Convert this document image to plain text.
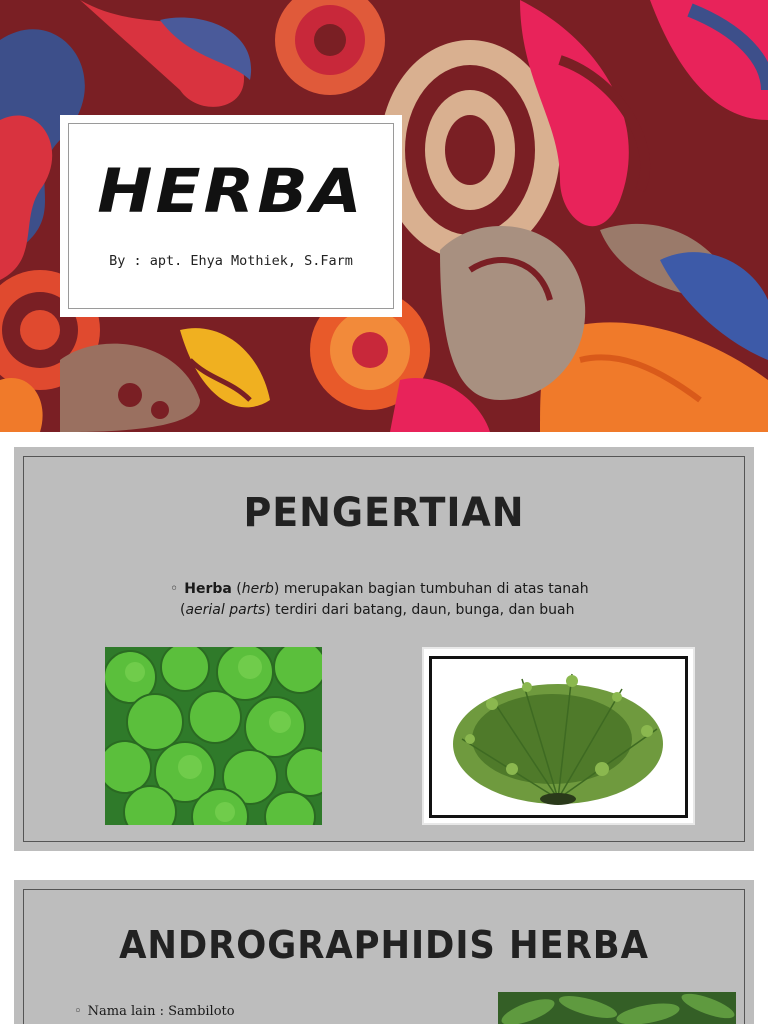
HERBA
By : apt. Ehya Mothiek, S.Farm
PENGERTIAN
◦ Herba (herb) merupakan bagian tumbuhan di atas tanah
(aerial parts) terdiri dari batang, daun, bunga, dan buah
ANDROGRAPHIDIS HERBA
◦ Nama lain : Sambiloto
